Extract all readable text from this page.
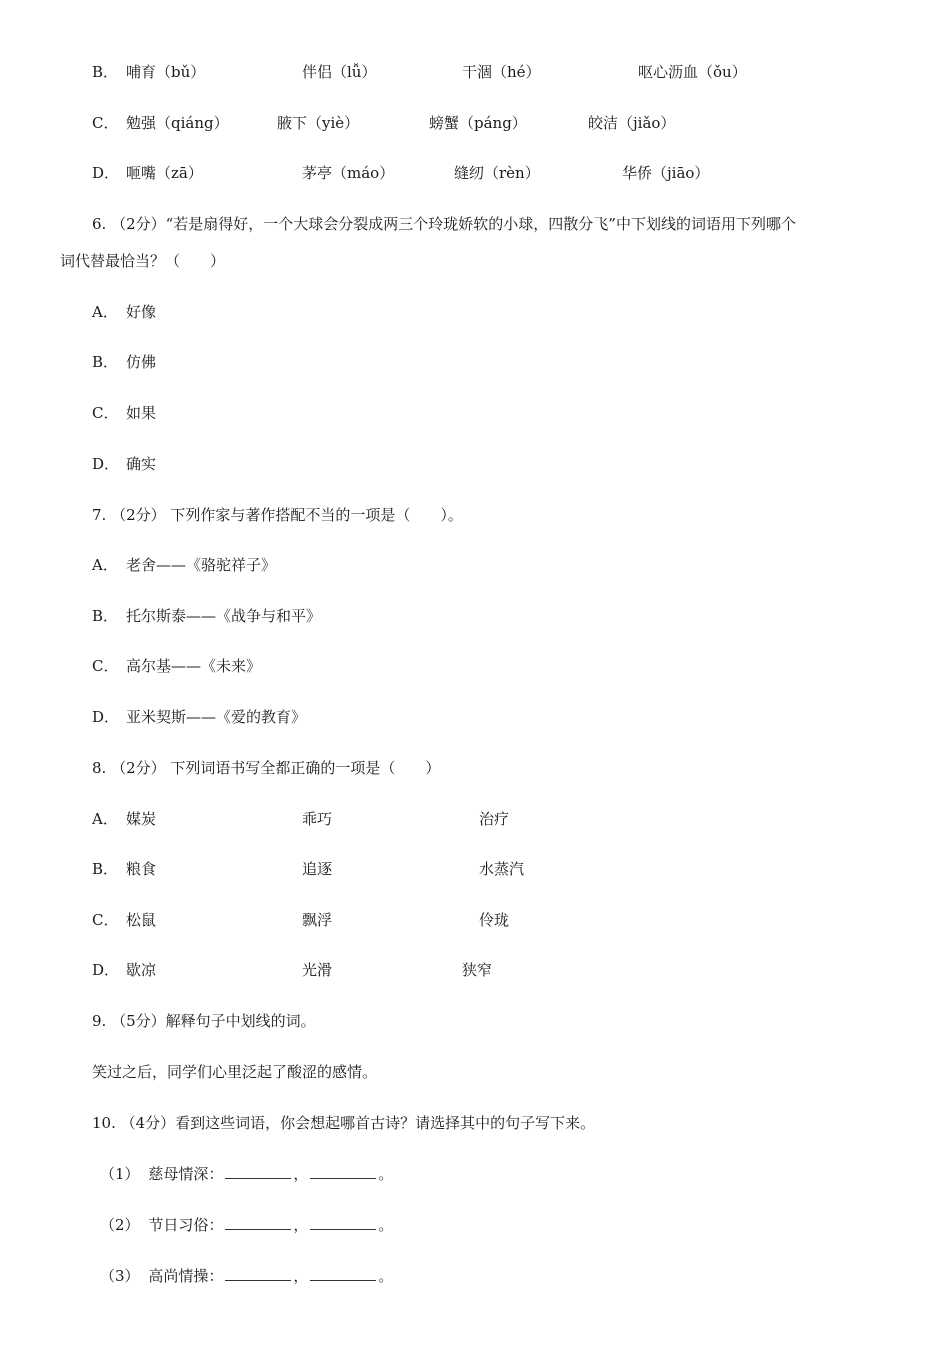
B． 哺育（bǔ）	伴侣（lǚ）	干涸（hé）	呕心沥血（ǒu）
C． 勉强（qiáng）	腋下（yiè）	螃蟹（páng）	皎洁（jiǎo）
D． 咂嘴（zā）	茅亭（máo）	缝纫（rèn）	华侨（jiāo）
6. （2分）“若是扇得好，一个大球会分裂成两三个玲珑娇软的小球，四散分飞”中下划线的词语用下列哪个
词代替最恰当？（　　）
A． 好像
B． 仿佛
C． 如果
D． 确实
7. （2分） 下列作家与著作搭配不当的一项是（　　）。
A． 老舍——《骆驼祥子》
B． 托尔斯泰——《战争与和平》
C． 高尔基——《未来》
D． 亚米契斯——《爱的教育》
8. （2分） 下列词语书写全都正确的一项是（　　）
A． 媒炭	乖巧	治疗
B． 粮食	追逐	水蒸汽
C． 松鼠	飘浮	伶珑
D． 歇凉	光滑	狭窄
9. （5分）解释句子中划线的词。
笑过之后，同学们心里泛起了酸涩的感情。
10. （4分）看到这些词语，你会想起哪首古诗？请选择其中的句子写下来。
（1） 慈母情深：	，	。
（2） 节日习俗：	，	。
（3） 高尚情操：	，	。
